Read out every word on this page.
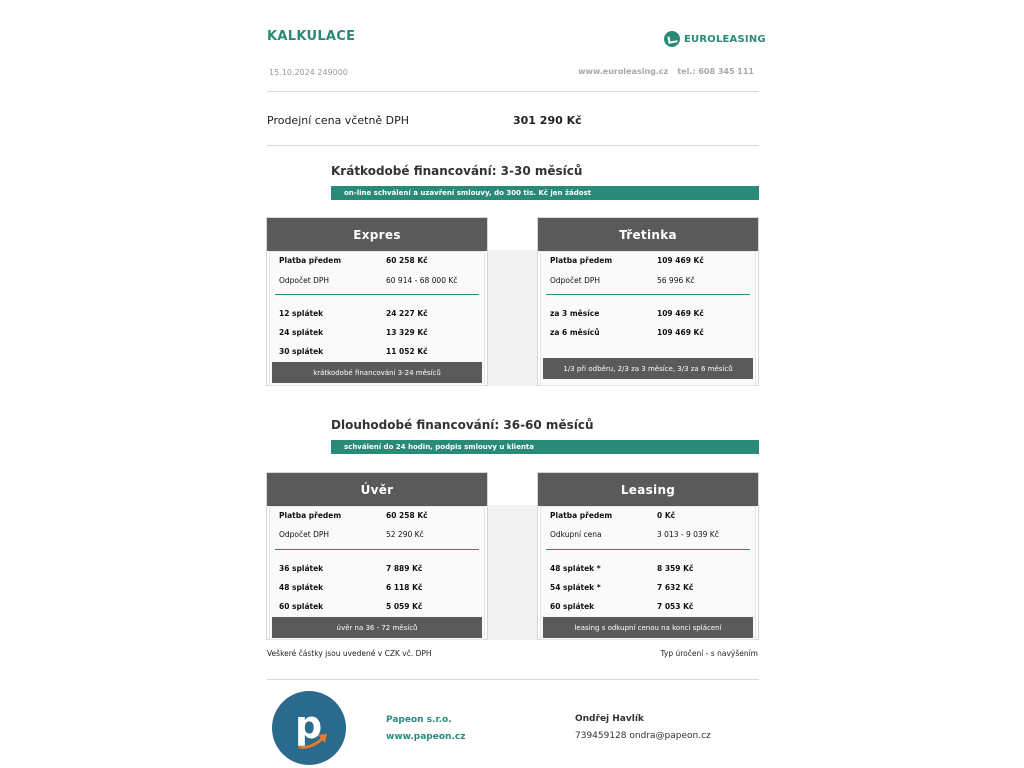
KALKULACE	EUROLEASING
15.10.2024 249000	www.euroleasing.cz tel.: 608 345 111
Prodejní cena včetně DPH	301 290 Kč
Krátkodobé financování: 3-30 měsíců
on-line schválení a uzavření smlouvy, do 300 tis. Kč jen žádost
Expres
Platba předem	60 258 Kč
Odpočet DPH	60 914 - 68 000 Kč
12 splátek	24 227 Kč
24 splátek	13 329 Kč
30 splátek	11 052 Kč
krátkodobé financování 3-24 měsíců
Třetinka
Platba předem	109 469 Kč
Odpočet DPH	56 996 Kč
za 3 měsíce	109 469 Kč
za 6 měsíců	109 469 Kč
1/3 při odběru, 2/3 za 3 měsíce, 3/3 za 6 měsíců
Dlouhodobé financování: 36-60 měsíců
schválení do 24 hodin, podpis smlouvy u klienta
Úvěr
Platba předem	60 258 Kč
Odpočet DPH	52 290 Kč
36 splátek	7 889 Kč
48 splátek	6 118 Kč
60 splátek	5 059 Kč
úvěr na 36 - 72 měsíců
Leasing
Platba předem	0 Kč
Odkupní cena	3 013 - 9 039 Kč
48 splátek *	8 359 Kč
54 splátek *	7 632 Kč
60 splátek	7 053 Kč
leasing s odkupní cenou na konci splácení
Veškeré částky jsou uvedené v CZK vč. DPH	Typ úročení - s navýšením
p	Papeon s.r.o.
www.papeon.cz
Ondřej Havlík
739459128 ondra@papeon.cz
